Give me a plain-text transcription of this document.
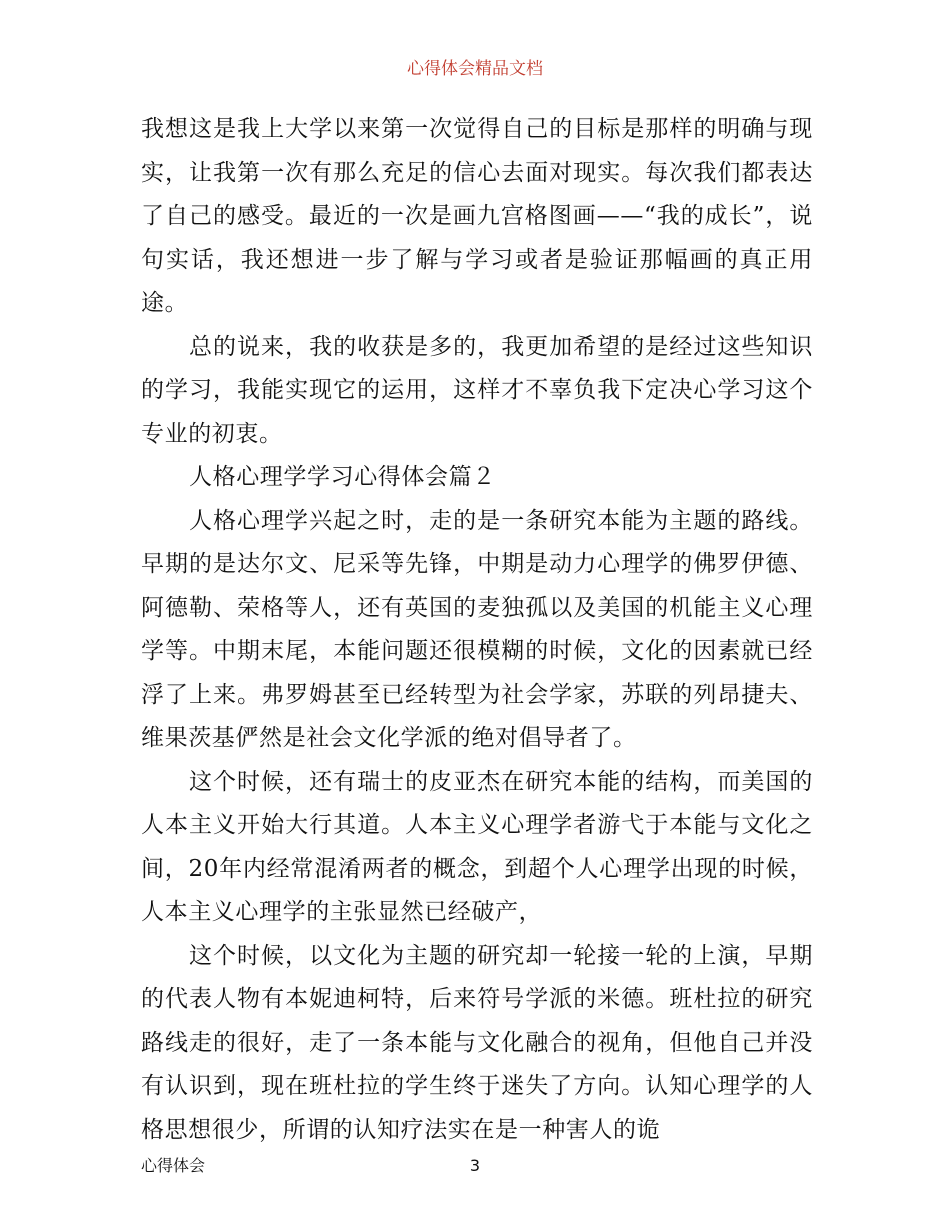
心得体会精品文档

我想这是我上大学以来第一次觉得自己的目标是那样的明确与现实，让我第一次有那么充足的信心去面对现实。每次我们都表达了自己的感受。最近的一次是画九宫格图画——“我的成长”，说句实话，我还想进一步了解与学习或者是验证那幅画的真正用途。

总的说来，我的收获是多的，我更加希望的是经过这些知识的学习，我能实现它的运用，这样才不辜负我下定决心学习这个专业的初衷。

人格心理学学习心得体会篇２

人格心理学兴起之时，走的是一条研究本能为主题的路线。早期的是达尔文、尼采等先锋，中期是动力心理学的佛罗伊德、阿德勒、荣格等人，还有英国的麦独孤以及美国的机能主义心理学等。中期末尾，本能问题还很模糊的时候，文化的因素就已经浮了上来。弗罗姆甚至已经转型为社会学家，苏联的列昂捷夫、维果茨基俨然是社会文化学派的绝对倡导者了。

这个时候，还有瑞士的皮亚杰在研究本能的结构，而美国的人本主义开始大行其道。人本主义心理学者游弋于本能与文化之间，20年内经常混淆两者的概念，到超个人心理学出现的时候，人本主义心理学的主张显然已经破产，

这个时候，以文化为主题的研究却一轮接一轮的上演，早期的代表人物有本妮迪柯特，后来符号学派的米德。班杜拉的研究路线走的很好，走了一条本能与文化融合的视角，但他自己并没有认识到，现在班杜拉的学生终于迷失了方向。认知心理学的人格思想很少，所谓的认知疗法实在是一种害人的诡

心得体会	3
